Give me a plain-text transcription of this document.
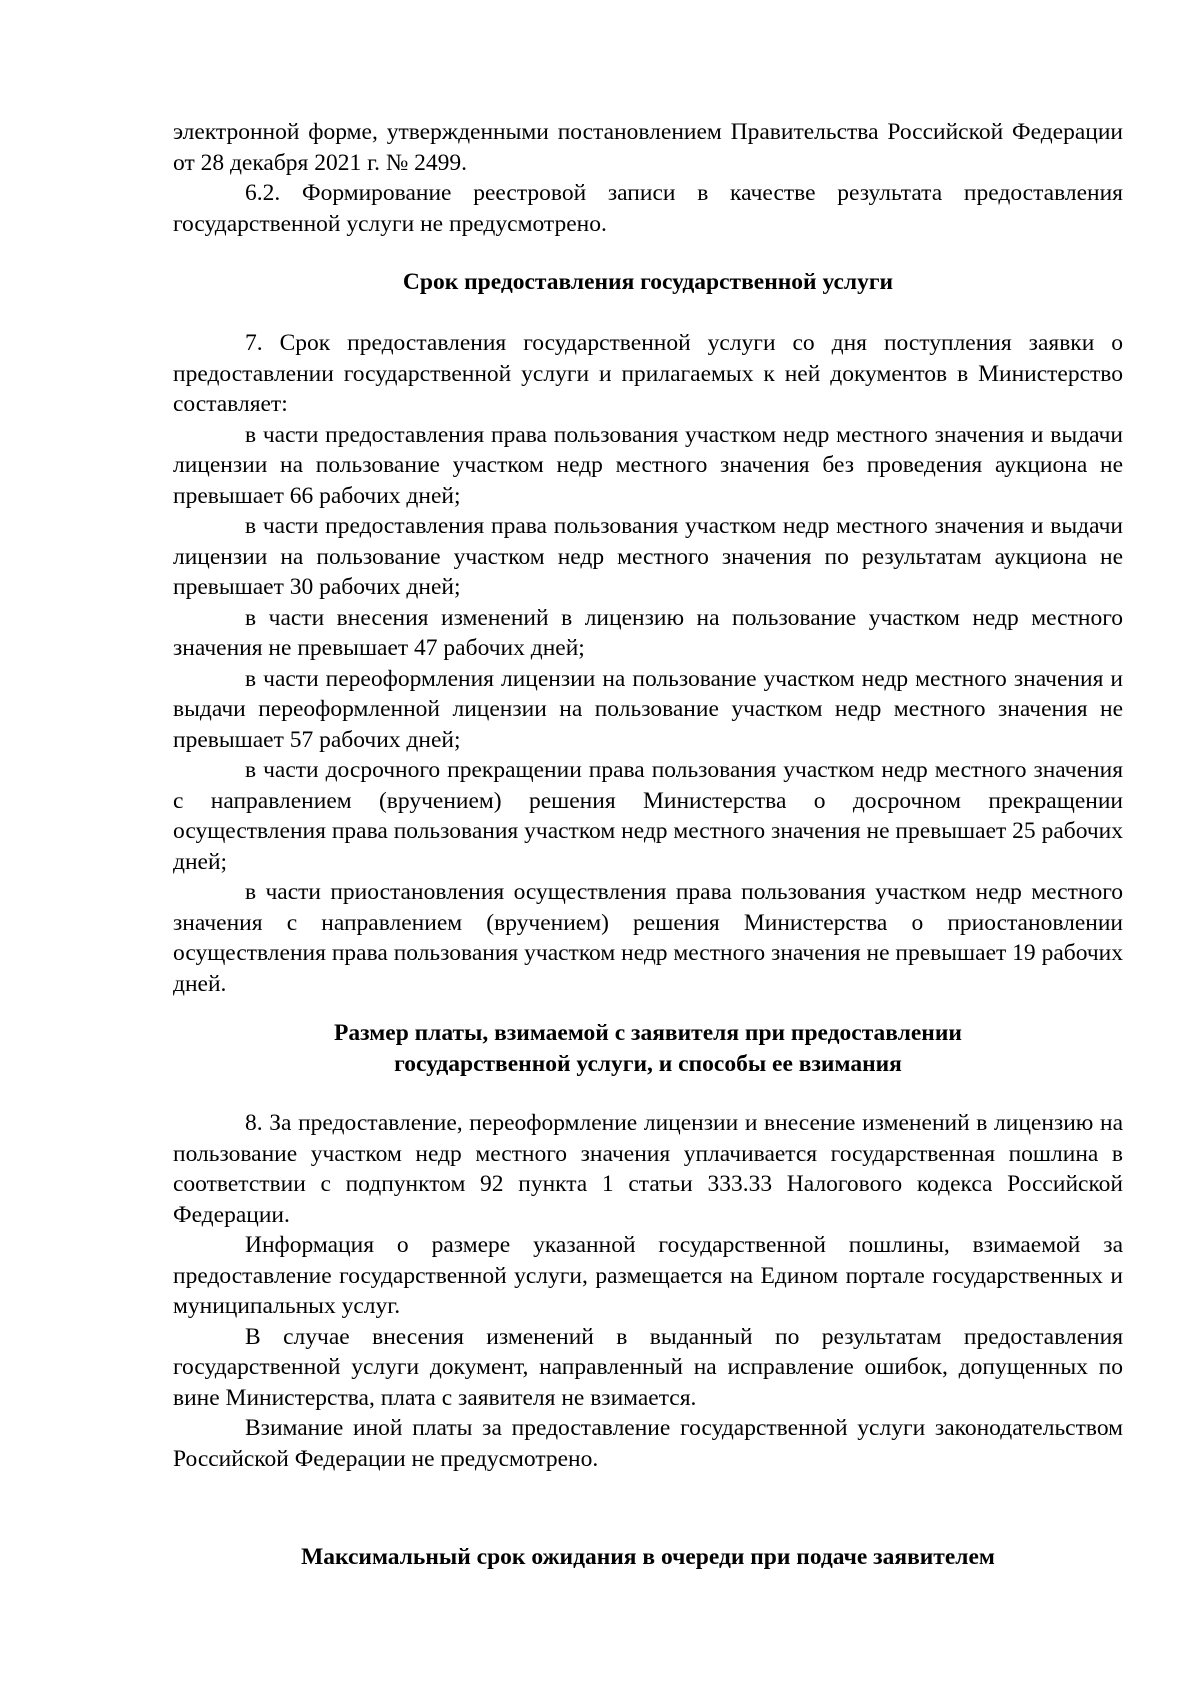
электронной форме, утвержденными постановлением Правительства Российской Федерации от 28 декабря 2021 г. № 2499.

6.2. Формирование реестровой записи в качестве результата предоставления государственной услуги не предусмотрено.

Срок предоставления государственной услуги

7. Срок предоставления государственной услуги со дня поступления заявки о предоставлении государственной услуги и прилагаемых к ней документов в Министерство составляет:

в части предоставления права пользования участком недр местного значения и выдачи лицензии на пользование участком недр местного значения без проведения аукциона не превышает 66 рабочих дней;

в части предоставления права пользования участком недр местного значения и выдачи лицензии на пользование участком недр местного значения по результатам аукциона не превышает 30 рабочих дней;

в части внесения изменений в лицензию на пользование участком недр местного значения не превышает 47 рабочих дней;

в части переоформления лицензии на пользование участком недр местного значения и выдачи переоформленной лицензии на пользование участком недр местного значения не превышает 57 рабочих дней;

в части досрочного прекращении права пользования участком недр местного значения с направлением (вручением) решения Министерства о досрочном прекращении осуществления права пользования участком недр местного значения не превышает 25 рабочих дней;

в части приостановления осуществления права пользования участком недр местного значения с направлением (вручением) решения Министерства о приостановлении осуществления права пользования участком недр местного значения не превышает 19 рабочих дней.

Размер платы, взимаемой с заявителя при предоставлении

государственной услуги, и способы ее взимания

8. За предоставление, переоформление лицензии и внесение изменений в лицензию на пользование участком недр местного значения уплачивается государственная пошлина в соответствии с подпунктом 92 пункта 1 статьи 333.33 Налогового кодекса Российской Федерации.

Информация о размере указанной государственной пошлины, взимаемой за предоставление государственной услуги, размещается на Едином портале государственных и муниципальных услуг.

В случае внесения изменений в выданный по результатам предоставления государственной услуги документ, направленный на исправление ошибок, допущенных по вине Министерства, плата с заявителя не взимается.

Взимание иной платы за предоставление государственной услуги законодательством Российской Федерации не предусмотрено.

Максимальный срок ожидания в очереди при подаче заявителем
